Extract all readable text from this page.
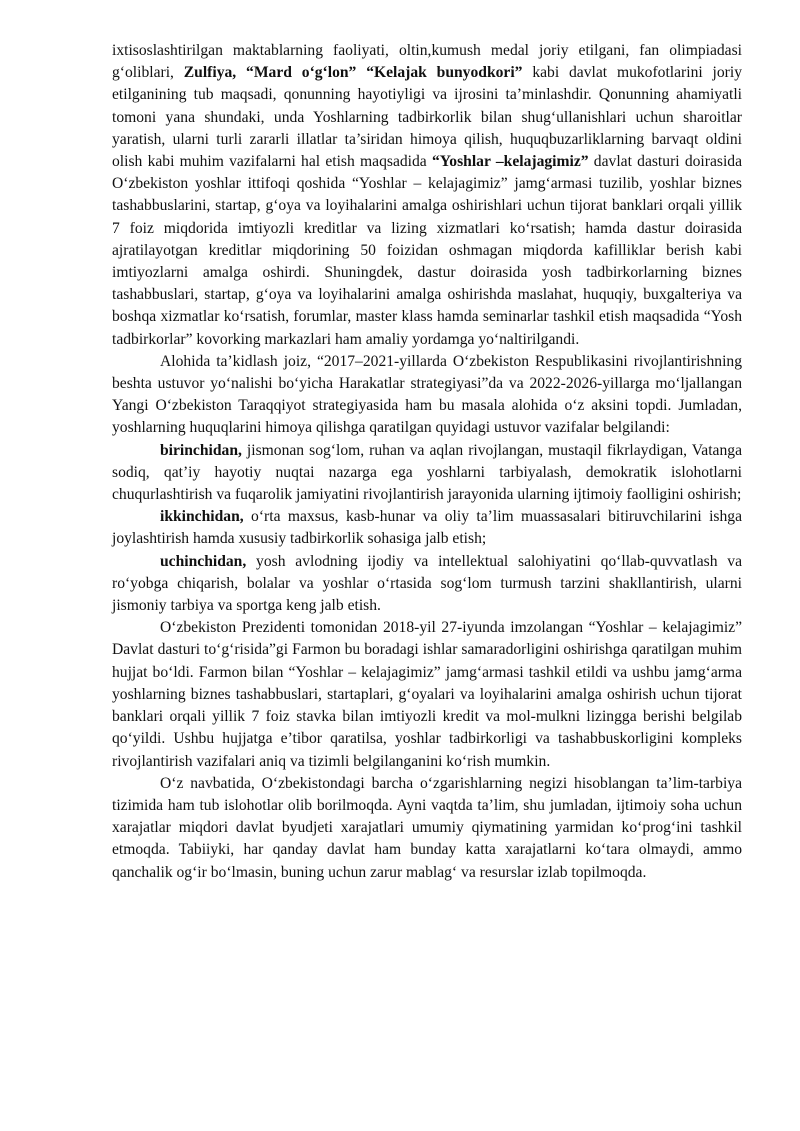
ixtisoslashtirilgan maktablarning faoliyati, oltin,kumush medal joriy etilgani, fan olimpiadasi g‘oliblari, Zulfiya, “Mard o‘g‘lon” “Kelajak bunyodkori” kabi davlat mukofotlarini joriy etilganining tub maqsadi, qonunning hayotiyligi va ijrosini ta’minlashdir. Qonunning ahamiyatli tomoni yana shundaki, unda Yoshlarning tadbirkorlik bilan shug‘ullanishlari uchun sharoitlar yaratish, ularni turli zararli illatlar ta’siridan himoya qilish, huquqbuzarliklarning barvaqt oldini olish kabi muhim vazifalarni hal etish maqsadida “Yoshlar –kelajagimiz” davlat dasturi doirasida O‘zbekiston yoshlar ittifoqi qoshida “Yoshlar – kelajagimiz” jamg‘armasi tuzilib, yoshlar biznes tashabbuslarini, startap, g‘oya va loyihalarini amalga oshirishlari uchun tijorat banklari orqali yillik 7 foiz miqdorida imtiyozli kreditlar va lizing xizmatlari ko‘rsatish; hamda dastur doirasida ajratilayotgan kreditlar miqdorining 50 foizidan oshmagan miqdorda kafilliklar berish kabi imtiyozlarni amalga oshirdi. Shuningdek, dastur doirasida yosh tadbirkorlarning biznes tashabbuslari, startap, g‘oya va loyihalarini amalga oshirishda maslahat, huquqiy, buxgalteriya va boshqa xizmatlar ko‘rsatish, forumlar, master klass hamda seminarlar tashkil etish maqsadida “Yosh tadbirkorlar” kovorking markazlari ham amaliy yordamga yo‘naltirilgandi.

Alohida ta’kidlash joiz, “2017–2021-yillarda O‘zbekiston Respublikasini rivojlantirishning beshta ustuvor yo‘nalishi bo‘yicha Harakatlar strategiyasi”da va 2022-2026-yillarga mo‘ljallangan Yangi O‘zbekiston Taraqqiyot strategiyasida ham bu masala alohida o‘z aksini topdi. Jumladan, yoshlarning huquqlarini himoya qilishga qaratilgan quyidagi ustuvor vazifalar belgilandi:

birinchidan, jismonan sog‘lom, ruhan va aqlan rivojlangan, mustaqil fikrlaydigan, Vatanga sodiq, qat’iy hayotiy nuqtai nazarga ega yoshlarni tarbiyalash, demokratik islohotlarni chuqurlashtirish va fuqarolik jamiyatini rivojlantirish jarayonida ularning ijtimoiy faolligini oshirish;

ikkinchidan, o‘rta maxsus, kasb-hunar va oliy ta’lim muassasalari bitiruvchilarini ishga joylashtirish hamda xususiy tadbirkorlik sohasiga jalb etish;

uchinchidan, yosh avlodning ijodiy va intellektual salohiyatini qo‘llab-quvvatlash va ro‘yobga chiqarish, bolalar va yoshlar o‘rtasida sog‘lom turmush tarzini shakllantirish, ularni jismoniy tarbiya va sportga keng jalb etish.

O‘zbekiston Prezidenti tomonidan 2018-yil 27-iyunda imzolangan “Yoshlar – kelajagimiz” Davlat dasturi to‘g‘risida”gi Farmon bu boradagi ishlar samaradorligini oshirishga qaratilgan muhim hujjat bo‘ldi. Farmon bilan “Yoshlar – kelajagimiz” jamg‘armasi tashkil etildi va ushbu jamg‘arma yoshlarning biznes tashabbuslari, startaplari, g‘oyalari va loyihalarini amalga oshirish uchun tijorat banklari orqali yillik 7 foiz stavka bilan imtiyozli kredit va mol-mulkni lizingga berishi belgilab qo‘yildi. Ushbu hujjatga e’tibor qaratilsa, yoshlar tadbirkorligi va tashabbuskorligini kompleks rivojlantirish vazifalari aniq va tizimli belgilanganini ko‘rish mumkin.

O‘z navbatida, O‘zbekistondagi barcha o‘zgarishlarning negizi hisoblangan ta’lim-tarbiya tizimida ham tub islohotlar olib borilmoqda. Ayni vaqtda ta’lim, shu jumladan, ijtimoiy soha uchun xarajatlar miqdori davlat byudjeti xarajatlari umumiy qiymatining yarmidan ko‘prog‘ini tashkil etmoqda. Tabiiyki, har qanday davlat ham bunday katta xarajatlarni ko‘tara olmaydi, ammo qanchalik og‘ir bo‘lmasin, buning uchun zarur mablag‘ va resurslar izlab topilmoqda.
